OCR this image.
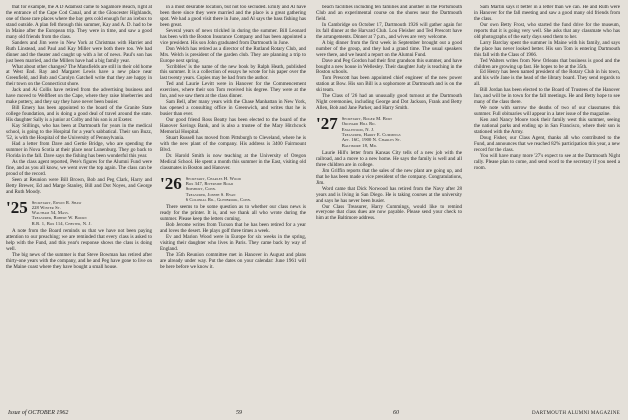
that for example, the A D Adamsst came to Sagamore Beach, right at the entrance of the Cape Cod Canal, and at the Gloucester Highlands, one of those rare places where the bay gets cold enough for an icebox to stand outside. A plan fell through this summer, Kay and A. D. had to be in Maine after the European trip. They were in time, and saw a good many old friends from the class.

Sanders and Jim were in New York at Christmas with Harriet and Ruth Linstead, and Paul and Kay Miller were both there too. We had dinner and the theater and caught up with a lot of news. Paul's son has just been married, and the Millers have had a big family year.

What about other changes? The Mansfields are still in their old home at West End. Ray and Margaret Lewis have a new place near Greenfield, and Bob and Carolyn Gatchell write that they are happy in their town on the Connecticut shore.

Jack and Ai Collis have retired from the advertising business and have moved to Wellfleet on the Cape, where they raise blueberries and make pottery, and they say they have never been busier.

Bill Emery has been appointed to the board of the Granite State college foundation, and is doing a good deal of travel around the state. His daughter Sally is a junior at Colby and his son is at Exeter.

Kay Stillings, who has been at Dartmouth for years in the medical school, is going to the Hospital for a year's sabbatical. Their son Buzz, '52, is with the Hospital of the University of Pennsylvania.

Had a letter from Dave and Gertie Bridge, who are spending the summer in Nova Scotia at their place near Lunenburg. They go back to Florida in the fall. Dave says the fishing has been wonderful this year.

As the class agent reported, Pete's figures for the Alumni Fund were fine, and as you all know, we went over the top again. The class can be proud of the record.

Seen at Reunion were Bill Brown, Bob and Peg Clark, Harry and Betty Brewer, Ed and Marge Stanley, Bill and Dot Noyes, and George and Ruth Moody.

'25 Secretary, Edwin R. Shaw
228 Winter St.
Waltham 54, Mass.
Treasurer, Robert W. Bourn
R.R. 1, Box 114, Chester, N. J.

A note from the Board reminds us that we have not been paying attention to our preaching; we are reminded that every class is asked to help with the Fund, and this year's response shows the class is doing well.

The big news of the summer is that Steve Bowman has retired after thirty-one years with the company, and he and Peg have gone to live on the Maine coast where they have bought a small house.

in a most desirable location, but not too secluded. Emily and Al have been there since they were married and the place is a great gathering spot. We had a good visit there in June, and Al says the bass fishing has been great.

Several years of news trickled in during the summer. Bill Leonard has been with the Boston Insurance Company and has been appointed a vice president. His son John graduated from Dartmouth in June.

Don Welch has retired as a director of the Rutland Rotary Club, and Mrs. Welch is president of the garden club. They are planning a trip to Europe next spring.

'Scribbles' is the name of the new book by Ralph Heath, published this summer. It is a collection of essays he wrote for his paper over the last twenty years. Copies may be had from the author.

Ted and Laurie Levitt were in Hanover for the Commencement exercises, where their son Tom received his degree. They were at the Inn, and we saw them at the class dinner.

Sam Bell, after many years with the Chase Manhattan in New York, has opened a consulting office in Greenwich, and writes that he is busier than ever.

Our good friend Ross Beatty has been elected to the board of the Hanover Savings Bank, and is also a trustee of the Mary Hitchcock Memorial Hospital.

Stuart Russell has moved from Pittsburgh to Cleveland, where he is with the new plant of the company. His address is 3400 Fairmount Blvd.

Dr. Harold Smith is now teaching at the University of Oregon Medical School. He spent a month this summer in the East, visiting old classmates in Boston and Hanover.

'26 Secretary, Charles H. Wood
Box 347, Riverside Road
Simsbury, Conn.
Treasurer, Joseph S. Ryan
6 Colonial Rd., Glenbrook, Conn.

There seems to be some question as to whether our class news is ready for the printer. It is, and we thank all who wrote during the summer. Please keep the letters coming.

Bob Jerome writes from Tucson that he has been retired for a year and loves the desert. He plays golf three times a week.

Ev and Marion Wood were in Europe for six weeks in the spring, visiting their daughter who lives in Paris. They came back by way of England.

The 35th Reunion committee met in Hanover in August and plans are already under way. Put the dates on your calendar: June 1961 will be here before we know it.

beach facilities including ten families and another in the Portsmouth Club and an experimental course on the shores near the Dartmouth field.

In Cambridge on October 17, Dartmouth 1926 will gather again for its fall dinner at the Harvard Club. Lou Fleisher and Ted Prescott have the arrangements. Dinner at 7 p.m., and wives are very welcome.

A big dinner from the first week in September brought out a good number of the group, and they had a grand time. The usual speakers were there, and we heard a report on the Alumni Fund.

Dave and Peg Gordon had their first grandson this summer, and have bought a new house in Wellesley. Their daughter Judy is teaching in the Boston schools.

Tom Prescott has been appointed chief engineer of the new power station at Bow. His son Bill is a sophomore at Dartmouth and is on the ski team.

The Class of '26 had an unusually good turnout at the Dartmouth Night ceremonies, including George and Dot Jackson, Frank and Betty Allen, Bob and Jane Parker, and Harry Smith.

'27 Secretary, Roger M. Burt
Orchard Hill Rd.
Englewood, N. J.
Treasurer, Harry E. Cummings
Apt. 16C, 1900 N. Charles St.
Baltimore 18, Md.

Laurie Hill's letter from Kansas City tells of a new job with the railroad, and a move to a new home. He says the family is well and all three children are in college.

Jim Griffin reports that the sales of the new plant are going up, and that he has been made a vice president of the company. Congratulations, Jim.

Word came that Dick Norwood has retired from the Navy after 28 years and is living in San Diego. He is taking courses at the university and says he has never been busier.

Our Class Treasurer, Harry Cummings, would like to remind everyone that class dues are now payable. Please send your check to him at the Baltimore address.

Sam Martin says it better in a letter than we can. He and Ruth were in Hanover for the fall meeting and saw a good many old friends from the class.

Our own Betty Frost, who started the fund drive for the museum, reports that it is going very well. She asks that any classmate who has old photographs of the early days send them to her.

Larry Barclay spent the summer in Maine with his family, and says the place has never looked better. His son Tom is entering Dartmouth this fall with the Class of 1966.

Ted Walters writes from New Orleans that business is good and the children are growing up fast. He hopes to be at the 35th.

Ed Henry has been named president of the Rotary Club in his town, and his wife Jane is the head of the library board. They send regards to all.

Bill Jordan has been elected to the Board of Trustees of the Hanover Inn, and will be in town for the fall meetings. He and Betty hope to see many of the class there.

We note with sorrow the deaths of two of our classmates this summer. Full obituaries will appear in a later issue of the magazine.

Ken and Nancy Moore took their family west this summer, seeing the national parks and ending up in San Francisco, where their son is stationed with the Army.

Doug Fisher, our Class Agent, thanks all who contributed to the Fund, and announces that we reached 82% participation this year, a new record for the class.

You will have many more '27's expect to see at the Dartmouth Night rally. Please plan to come, and send word to the secretary if you need a room.

Issue of OCTOBER 1962	59	60	DARTMOUTH ALUMNI MAGAZINE
